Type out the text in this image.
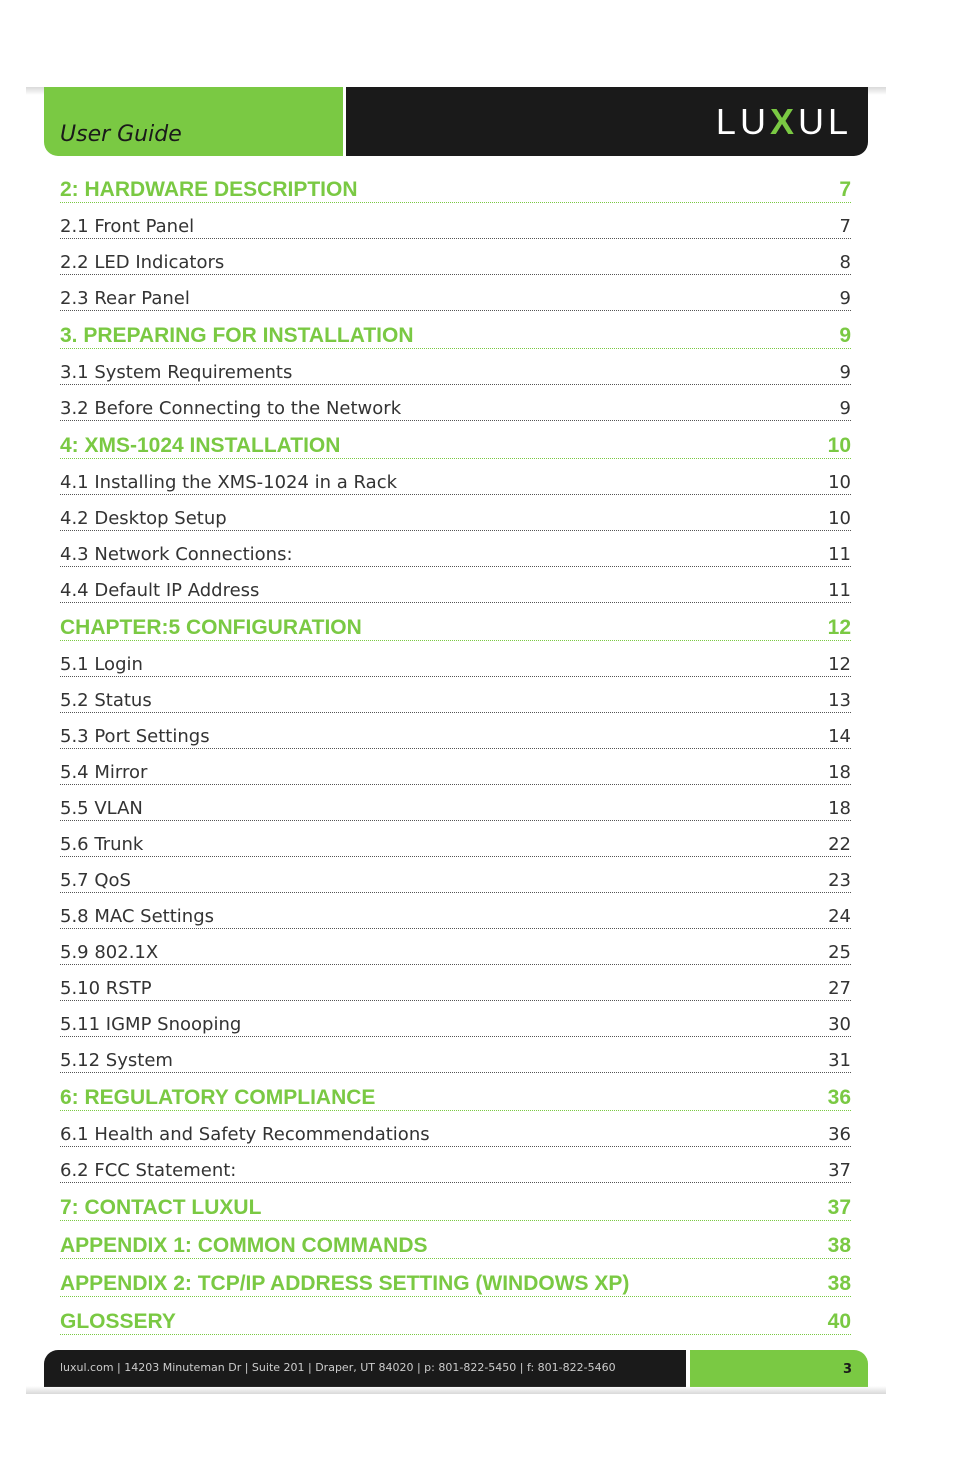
User Guide	LUXUL
2: HARDWARE DESCRIPTION	7
2.1 Front Panel	7
2.2 LED Indicators	8
2.3 Rear Panel	9
3. PREPARING FOR INSTALLATION	9
3.1 System Requirements	9
3.2 Before Connecting to the Network	9
4: XMS-1024 INSTALLATION	10
4.1 Installing the XMS-1024 in a Rack	10
4.2 Desktop Setup	10
4.3 Network Connections:	11
4.4 Default IP Address	11
CHAPTER:5 CONFIGURATION	12
5.1 Login	12
5.2 Status	13
5.3 Port Settings	14
5.4 Mirror	18
5.5 VLAN	18
5.6 Trunk	22
5.7 QoS	23
5.8 MAC Settings	24
5.9 802.1X	25
5.10 RSTP	27
5.11 IGMP Snooping	30
5.12 System	31
6: REGULATORY COMPLIANCE	36
6.1 Health and Safety Recommendations	36
6.2 FCC Statement:	37
7: CONTACT LUXUL	37
APPENDIX 1: COMMON COMMANDS	38
APPENDIX 2: TCP/IP ADDRESS SETTING (WINDOWS XP)	38
GLOSSERY	40
luxul.com | 14203 Minuteman Dr | Suite 201 | Draper, UT 84020 | p: 801-822-5450 | f: 801-822-5460	3
